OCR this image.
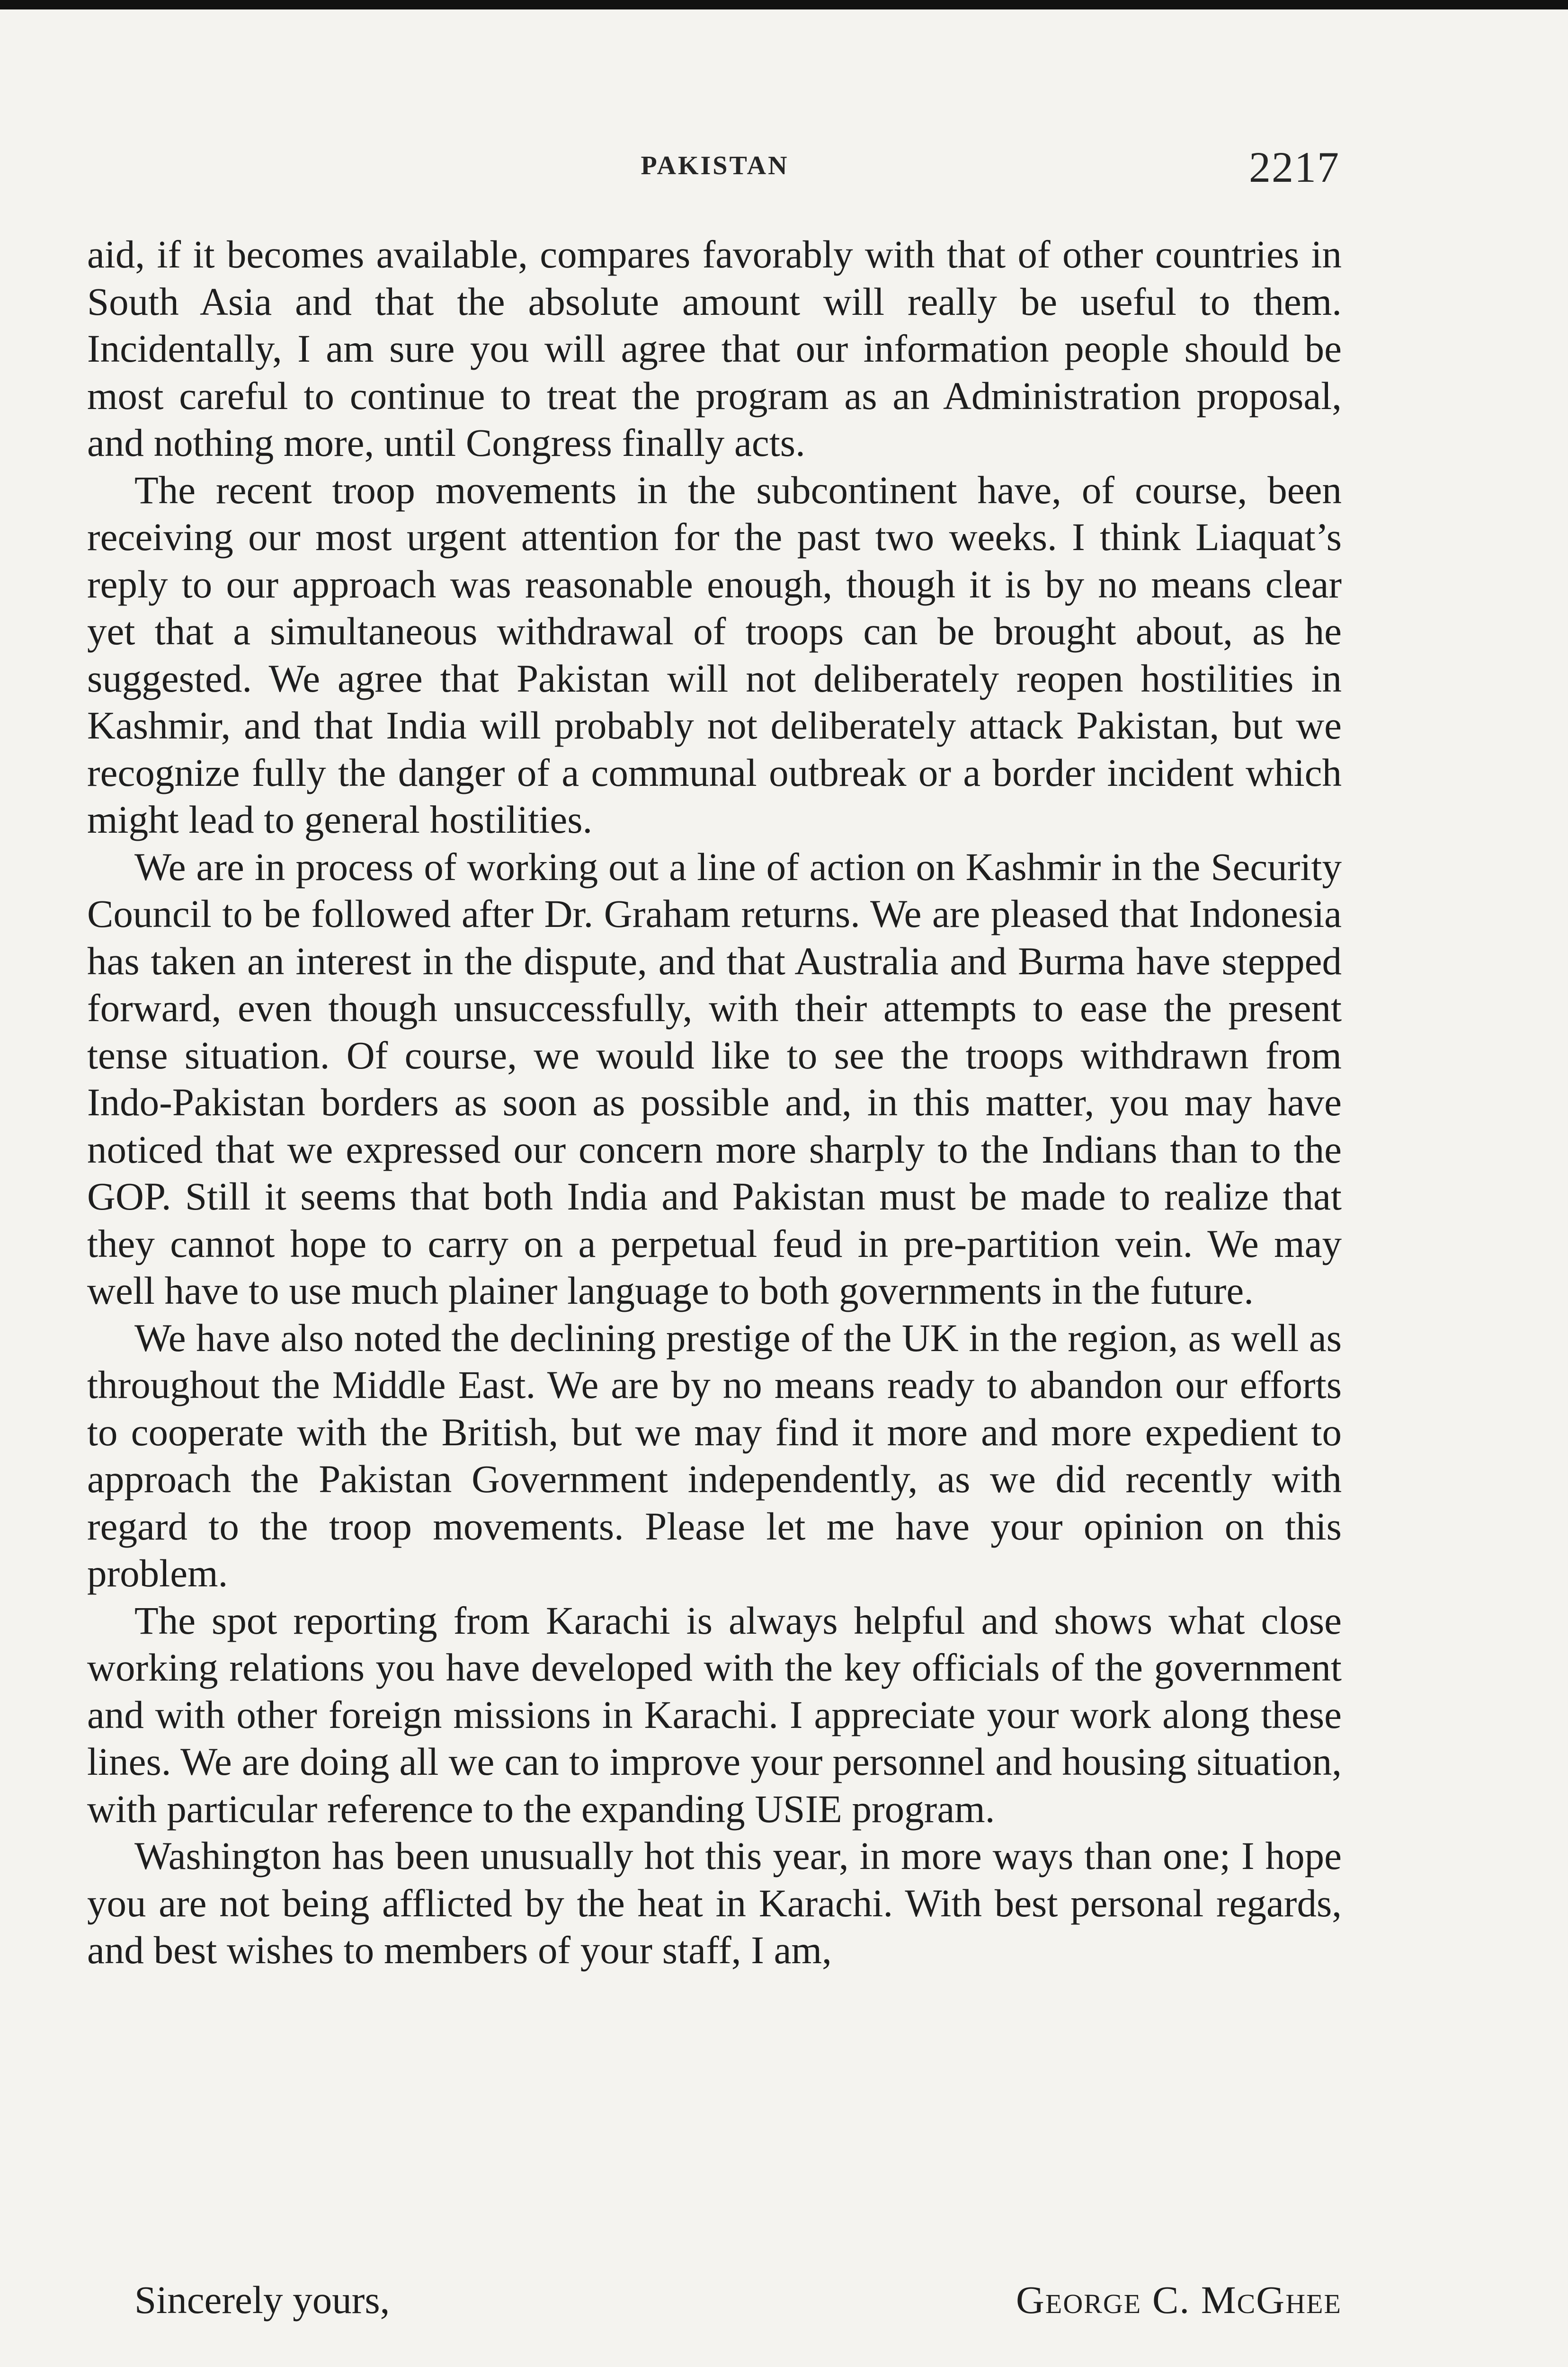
PAKISTAN	2217

aid, if it becomes available, compares favorably with that of other countries in South Asia and that the absolute amount will really be useful to them. Incidentally, I am sure you will agree that our information people should be most careful to continue to treat the program as an Administration proposal, and nothing more, until Congress finally acts.

The recent troop movements in the subcontinent have, of course, been receiving our most urgent attention for the past two weeks. I think Liaquat’s reply to our approach was reasonable enough, though it is by no means clear yet that a simultaneous withdrawal of troops can be brought about, as he suggested. We agree that Pakistan will not deliberately reopen hostilities in Kashmir, and that India will probably not deliberately attack Pakistan, but we recognize fully the danger of a communal outbreak or a border incident which might lead to general hostilities.

We are in process of working out a line of action on Kashmir in the Security Council to be followed after Dr. Graham returns. We are pleased that Indonesia has taken an interest in the dispute, and that Australia and Burma have stepped forward, even though unsuccessfully, with their attempts to ease the present tense situation. Of course, we would like to see the troops withdrawn from Indo-Pakistan borders as soon as possible and, in this matter, you may have noticed that we expressed our concern more sharply to the Indians than to the GOP. Still it seems that both India and Pakistan must be made to realize that they cannot hope to carry on a perpetual feud in pre-partition vein. We may well have to use much plainer language to both governments in the future.

We have also noted the declining prestige of the UK in the region, as well as throughout the Middle East. We are by no means ready to abandon our efforts to cooperate with the British, but we may find it more and more expedient to approach the Pakistan Government independently, as we did recently with regard to the troop movements. Please let me have your opinion on this problem.

The spot reporting from Karachi is always helpful and shows what close working relations you have developed with the key officials of the government and with other foreign missions in Karachi. I appreciate your work along these lines. We are doing all we can to improve your personnel and housing situation, with particular reference to the expanding USIE program.

Washington has been unusually hot this year, in more ways than one; I hope you are not being afflicted by the heat in Karachi. With best personal regards, and best wishes to members of your staff, I am,

Sincerely yours,	George C. McGhee
